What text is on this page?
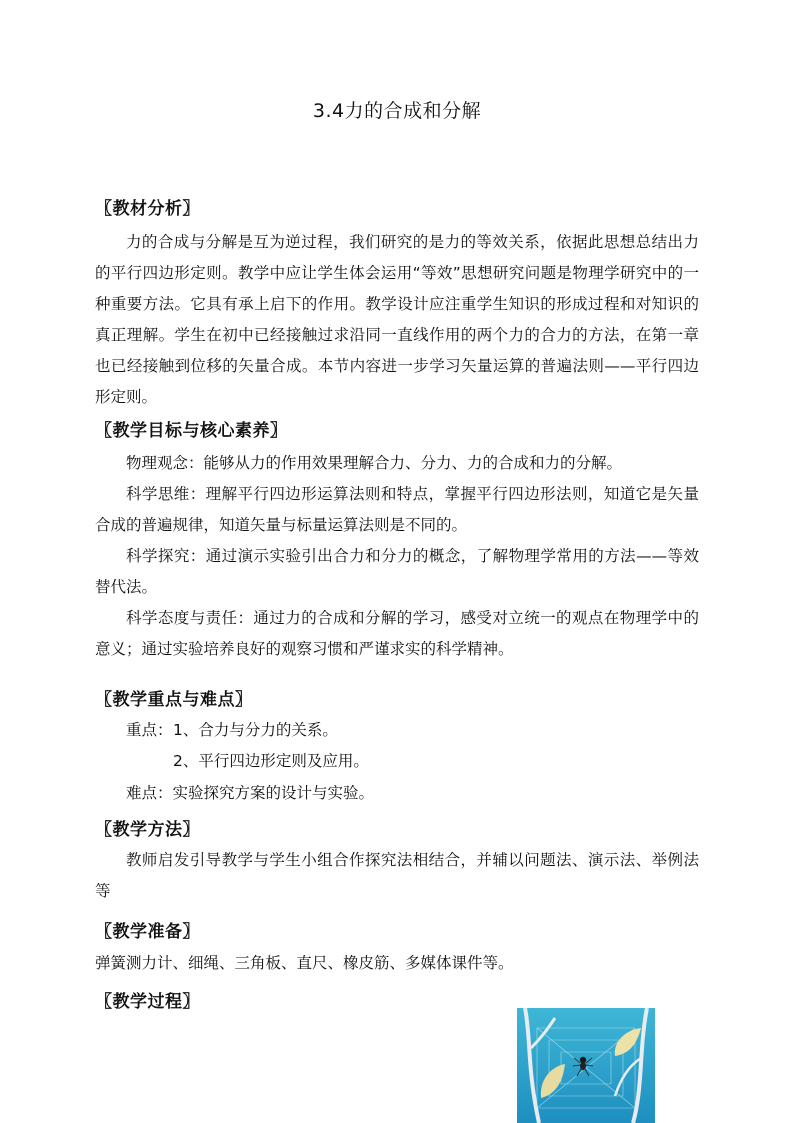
3.4力的合成和分解
〖教材分析〗
力的合成与分解是互为逆过程，我们研究的是力的等效关系，依据此思想总结出力的平行四边形定则。教学中应让学生体会运用“等效”思想研究问题是物理学研究中的一种重要方法。它具有承上启下的作用。教学设计应注重学生知识的形成过程和对知识的真正理解。学生在初中已经接触过求沿同一直线作用的两个力的合力的方法，在第一章也已经接触到位移的矢量合成。本节内容进一步学习矢量运算的普遍法则——平行四边形定则。
〖教学目标与核心素养〗
物理观念：能够从力的作用效果理解合力、分力、力的合成和力的分解。
科学思维：理解平行四边形运算法则和特点，掌握平行四边形法则，知道它是矢量合成的普遍规律，知道矢量与标量运算法则是不同的。
科学探究：通过演示实验引出合力和分力的概念，了解物理学常用的方法——等效替代法。
科学态度与责任：通过力的合成和分解的学习，感受对立统一的观点在物理学中的意义；通过实验培养良好的观察习惯和严谨求实的科学精神。
〖教学重点与难点〗
重点： 1、合力与分力的关系。
2、平行四边形定则及应用。
难点：实验探究方案的设计与实验。
〖教学方法〗
教师启发引导教学与学生小组合作探究法相结合，并辅以问题法、演示法、举例法等
〖教学准备〗
弹簧测力计、细绳、三角板、直尺、橡皮筋、多媒体课件等。
〖教学过程〗
